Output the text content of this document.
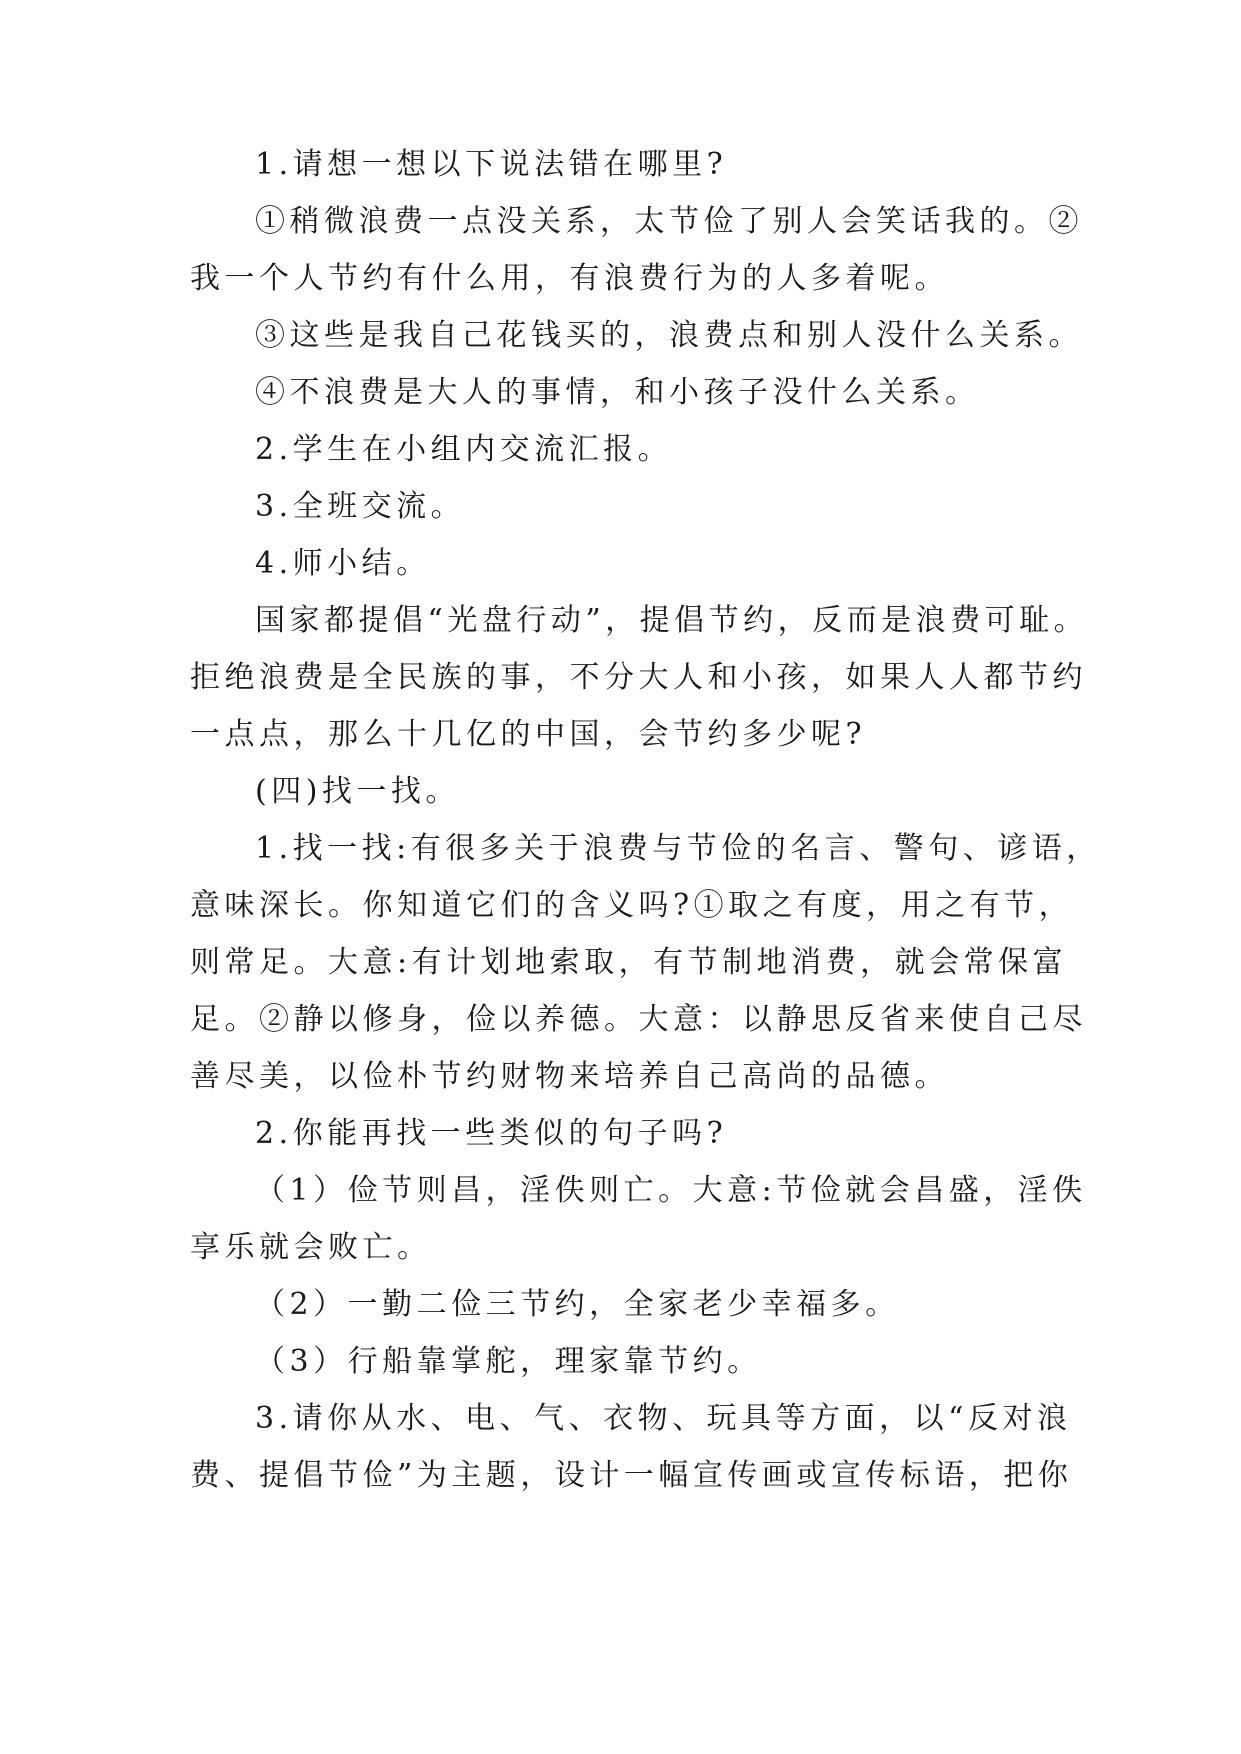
1.请想一想以下说法错在哪里?
①稍微浪费一点没关系，太节俭了别人会笑话我的。②
我一个人节约有什么用，有浪费行为的人多着呢。
③这些是我自己花钱买的，浪费点和别人没什么关系。
④不浪费是大人的事情，和小孩子没什么关系。
2.学生在小组内交流汇报。
3.全班交流。
4.师小结。
国家都提倡“光盘行动”，提倡节约，反而是浪费可耻。
拒绝浪费是全民族的事，不分大人和小孩，如果人人都节约
一点点，那么十几亿的中国，会节约多少呢?
(四)找一找。
1.找一找:有很多关于浪费与节俭的名言、警句、谚语，
意味深长。你知道它们的含义吗?①取之有度，用之有节，
则常足。大意:有计划地索取，有节制地消费，就会常保富
足。②静以修身，俭以养德。大意：以静思反省来使自己尽
善尽美，以俭朴节约财物来培养自己高尚的品德。
2.你能再找一些类似的句子吗?
（1）俭节则昌，淫佚则亡。大意:节俭就会昌盛，淫佚
享乐就会败亡。
（2）一勤二俭三节约，全家老少幸福多。
（3）行船靠掌舵，理家靠节约。
3.请你从水、电、气、衣物、玩具等方面，以“反对浪
费、提倡节俭”为主题，设计一幅宣传画或宣传标语，把你
